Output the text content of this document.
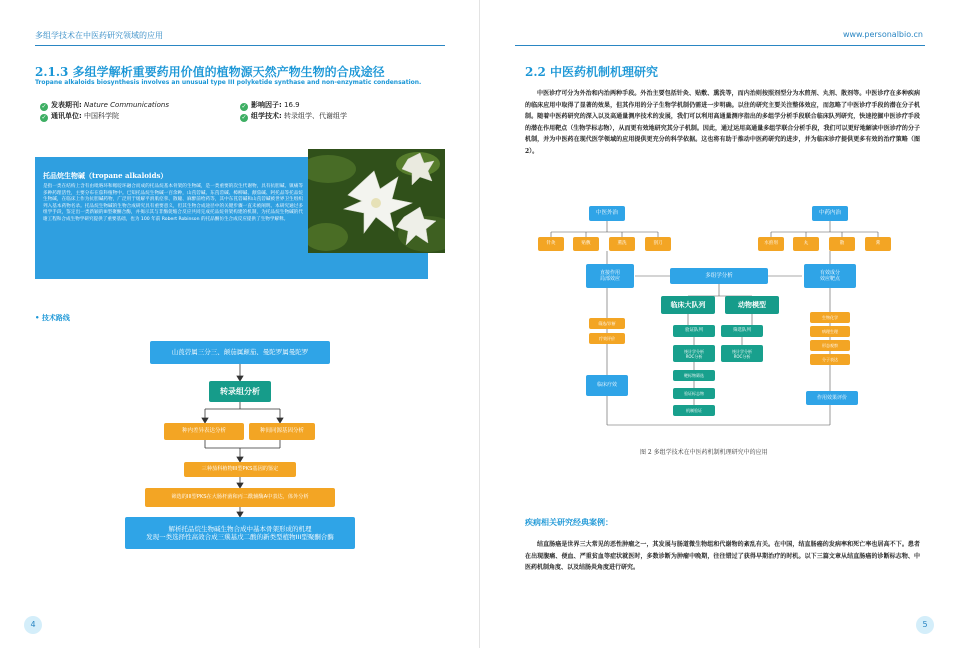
多组学技术在中医药研究领域的应用
2.1.3 多组学解析重要药用价值的植物源天然产物生物的合成途径
Tropane alkaloids biosynthesis involves an unusual type III polyketide synthase and non-enzymatic condensation.
✓ 发表期刊: Nature Communications	✓ 影响因子: 16.9
✓ 通讯单位: 中国科学院	✓ 组学技术: 转录组学、代谢组学
托品烷生物碱（tropane alkaloids）

是指一类在结构上含有由吡咯环和哌啶环融合而成的托品烷基本骨架的生物碱，是一类重要的次生代谢物，具有抗胆碱、镇痛等多种药理活性，主要分布在茄科植物中。已知托品烷生物碱一百余种，山莨菪碱、东莨菪碱、樟柳碱、颠茄碱、阿托品等托品烷生物碱，在临床上作为抗胆碱药物，广泛用于缓解平滑肌痉挛、散瞳、麻醉前给药等，其中东莨菪碱和山莨菪碱被世界卫生组织列入基本药物名录。托品烷生物碱的生物合成研究具有重要意义，但其生物合成途径中的关键步骤一直未被阐明。本研究通过多组学手段，鉴定出一类新颖的III型聚酮合酶，并揭示其与非酶促缩合反应共同完成托品烷骨架构建的机制，为托品烷生物碱的代谢工程和合成生物学研究提供了重要基础，也为 100 年前 Robert Robinson 的托品酮仿生合成反应提供了生物学解释。

• 技术路线
山莨菪属三分三、颠茄属颠茄、曼陀罗属曼陀罗
转录组分析
种内差异表达分析	种间同源基因分析
三种茄科植物III型PKS基因的鉴定
筛选的III型PKS在大肠杆菌和丙二酰辅酶A中表达，体外分析
解析托品烷生物碱生物合成中基本骨架形成的机理
发现一类选择性高效合成三羰基戊二酸的新类型植物III型聚酮合酶
4
www.personalbio.cn
2.2 中医药机制机理研究
中医诊疗可分为外治和内治两种手段。外治主要包括针灸、贴敷、熏洗等，而内治则按照剂型分为水煎剂、丸剂、散剂等。中医诊疗在多种疾病的临床应用中取得了显著的效果，但其作用的分子生物学机制仍需进一步明确。以往的研究主要关注整体效应，而忽略了中医诊疗手段的潜在分子机制。随着中医药研究的深入以及高通量测序技术的发展，我们可以利用高通量测序指出的多组学分析手段联合临床队列研究，快速挖掘中医诊疗手段的潜在作用靶点（生物学标志物），从而更有效地研究其分子机制。因此，通过运用高通量多组学联合分析手段，我们可以更好地解读中医诊疗的分子机制，并为中医药在现代医学领域的应用提供更充分的科学依据。这也将有助于推动中医药研究的进步，并为临床诊疗提供更多有效的治疗策略（图 2）。
中医外治	中药内治
针灸	贴敷	熏洗	刮刀	水煎剂	丸	散	膏
直接作用
局部效应
有效成分
效应靶点
多组学分析
临床大队列	动物模型
验证队列	筛选队列
统计学分析
ROC分析
统计学分析
ROC分析
筛选/诊断
疗效评价
临床疗效
靶标物筛选
验证标志物
机制验证
生物化学
病理生理
形态观察
分子表达
作用效果评价
图 2 多组学技术在中医药机制机理研究中的应用
疾病相关研究经典案例：
结直肠癌是世界三大常见的恶性肿瘤之一，其发展与肠道微生物组和代谢物的紊乱有关。在中国，结直肠癌的发病率和死亡率也居高不下。患者在出现腹痛、便血、严重贫血等症状就医时，多数诊断为肿瘤中晚期，往往错过了获得早期治疗的时机。以下三篇文章从结直肠癌的诊断标志物、中医药机制角度、以及结肠炎角度进行研究。
5
